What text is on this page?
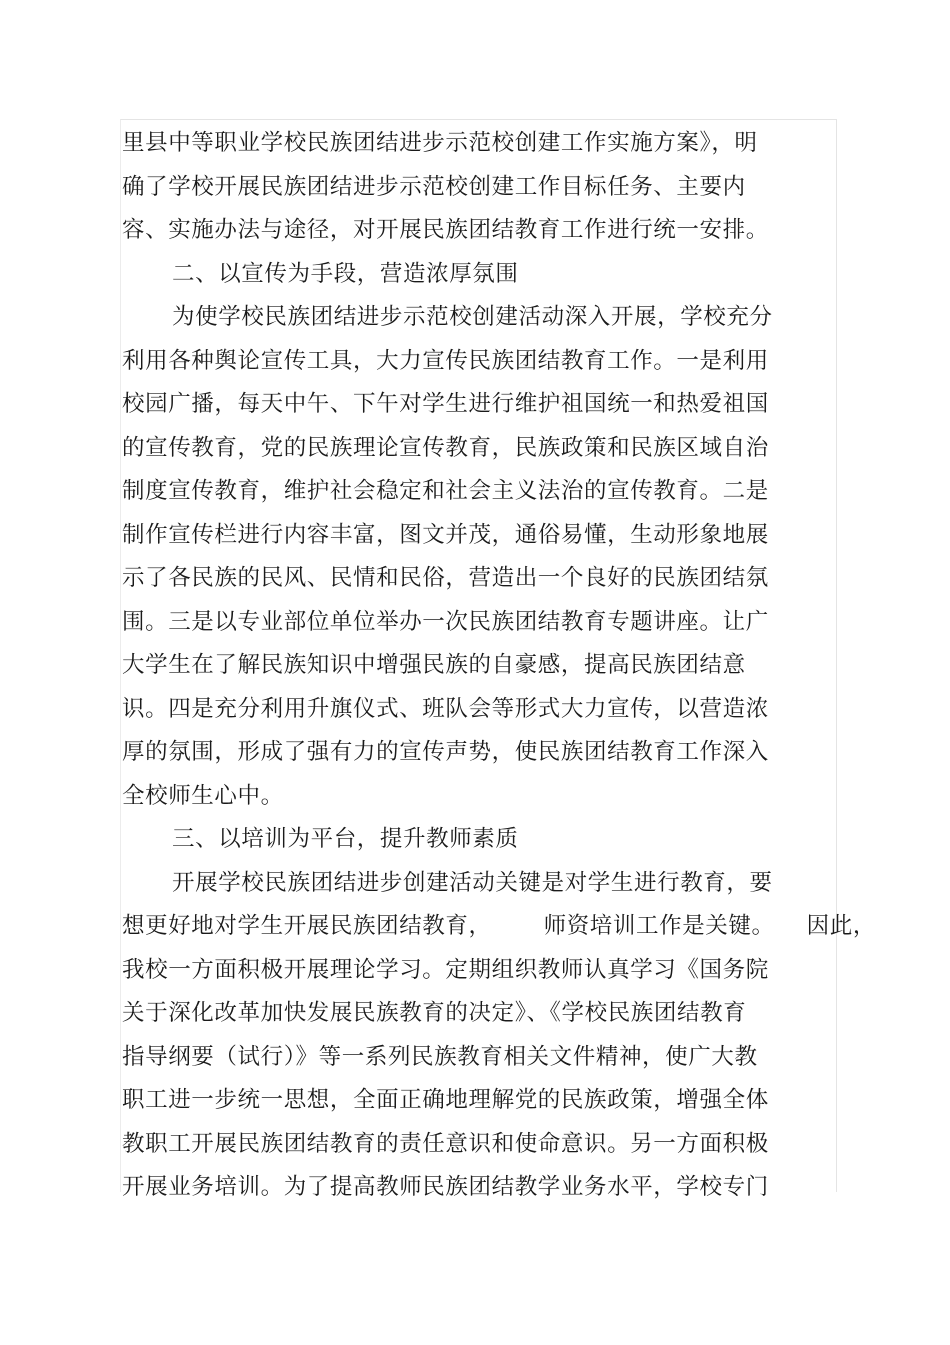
里县中等职业学校民族团结进步示范校创建工作实施方案》，明
确了学校开展民族团结进步示范校创建工作目标任务、主要内
容、实施办法与途径，对开展民族团结教育工作进行统一安排。
二、以宣传为手段，营造浓厚氛围
为使学校民族团结进步示范校创建活动深入开展，学校充分
利用各种舆论宣传工具，大力宣传民族团结教育工作。一是利用
校园广播，每天中午、下午对学生进行维护祖国统一和热爱祖国
的宣传教育，党的民族理论宣传教育，民族政策和民族区域自治
制度宣传教育，维护社会稳定和社会主义法治的宣传教育。二是
制作宣传栏进行内容丰富，图文并茂，通俗易懂，生动形象地展
示了各民族的民风、民情和民俗，营造出一个良好的民族团结氛
围。三是以专业部位单位举办一次民族团结教育专题讲座。让广
大学生在了解民族知识中增强民族的自豪感，提高民族团结意
识。四是充分利用升旗仪式、班队会等形式大力宣传，以营造浓
厚的氛围，形成了强有力的宣传声势，使民族团结教育工作深入
全校师生心中。
三、以培训为平台，提升教师素质
开展学校民族团结进步创建活动关键是对学生进行教育，要
想更好地对学生开展民族团结教育， 师资培训工作是关键。 因此，
我校一方面积极开展理论学习。定期组织教师认真学习《国务院
关于深化改革加快发展民族教育的决定》、《学校民族团结教育
指导纲要（试行）》等一系列民族教育相关文件精神，使广大教
职工进一步统一思想，全面正确地理解党的民族政策，增强全体
教职工开展民族团结教育的责任意识和使命意识。另一方面积极
开展业务培训。为了提高教师民族团结教学业务水平，学校专门
